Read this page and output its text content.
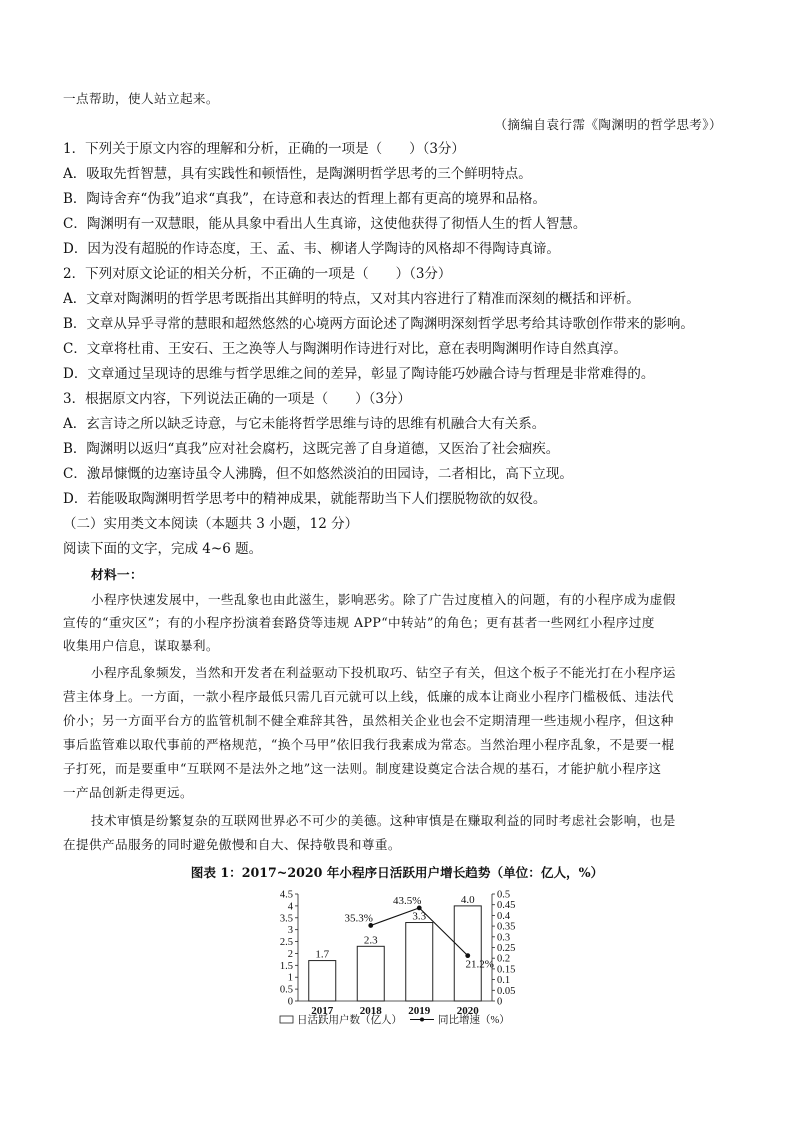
一点帮助，使人站立起来。
（摘编自袁行霈《陶渊明的哲学思考》）
1．下列关于原文内容的理解和分析，正确的一项是（　　）（3分）
A．吸取先哲智慧，具有实践性和顿悟性，是陶渊明哲学思考的三个鲜明特点。
B．陶诗舍弃“伪我”追求“真我”，在诗意和表达的哲理上都有更高的境界和品格。
C．陶渊明有一双慧眼，能从具象中看出人生真谛，这使他获得了彻悟人生的哲人智慧。
D．因为没有超脱的作诗态度，王、孟、韦、柳诸人学陶诗的风格却不得陶诗真谛。
2．下列对原文论证的相关分析，不正确的一项是（　　）（3分）
A．文章对陶渊明的哲学思考既指出其鲜明的特点，又对其内容进行了精准而深刻的概括和评析。
B．文章从异乎寻常的慧眼和超然悠然的心境两方面论述了陶渊明深刻哲学思考给其诗歌创作带来的影响。
C．文章将杜甫、王安石、王之涣等人与陶渊明作诗进行对比，意在表明陶渊明作诗自然真淳。
D．文章通过呈现诗的思维与哲学思维之间的差异，彰显了陶诗能巧妙融合诗与哲理是非常难得的。
3．根据原文内容，下列说法正确的一项是（　　）（3分）
A．玄言诗之所以缺乏诗意，与它未能将哲学思维与诗的思维有机融合大有关系。
B．陶渊明以返归“真我”应对社会腐朽，这既完善了自身道德，又医治了社会痼疾。
C．激昂慷慨的边塞诗虽令人沸腾，但不如悠然淡泊的田园诗，二者相比，高下立现。
D．若能吸取陶渊明哲学思考中的精神成果，就能帮助当下人们摆脱物欲的奴役。
（二）实用类文本阅读（本题共 3 小题，12 分）
阅读下面的文字，完成 4~6 题。
材料一：
小程序快速发展中，一些乱象也由此滋生，影响恶劣。除了广告过度植入的问题，有的小程序成为虚假
宣传的“重灾区”；有的小程序扮演着套路贷等违规 APP“中转站”的角色；更有甚者一些网红小程序过度
收集用户信息，谋取暴利。
小程序乱象频发，当然和开发者在利益驱动下投机取巧、钻空子有关，但这个板子不能光打在小程序运
营主体身上。一方面，一款小程序最低只需几百元就可以上线，低廉的成本让商业小程序门槛极低、违法代
价小；另一方面平台方的监管机制不健全难辞其咎，虽然相关企业也会不定期清理一些违规小程序，但这种
事后监管难以取代事前的严格规范，“换个马甲”依旧我行我素成为常态。当然治理小程序乱象，不是要一棍
子打死，而是要重申“互联网不是法外之地”这一法则。制度建设奠定合法合规的基石，才能护航小程序这
一产品创新走得更远。
技术审慎是纷繁复杂的互联网世界必不可少的美德。这种审慎是在赚取利益的同时考虑社会影响，也是
在提供产品服务的同时避免傲慢和自大、保持敬畏和尊重。
图表 1：2017~2020 年小程序日活跃用户增长趋势（单位：亿人，%）
0
0.5
1
1.5
2
2.5
3
3.5
4
4.5
0
0.05
0.1
0.15
0.2
0.25
0.3
0.35
0.4
0.45
0.5
1.7
2017
2.3
2018
3.3
2019
4.0
2020
35.3%
43.5%
21.2%
日活跃用户数（亿人）	同比增速（%）
